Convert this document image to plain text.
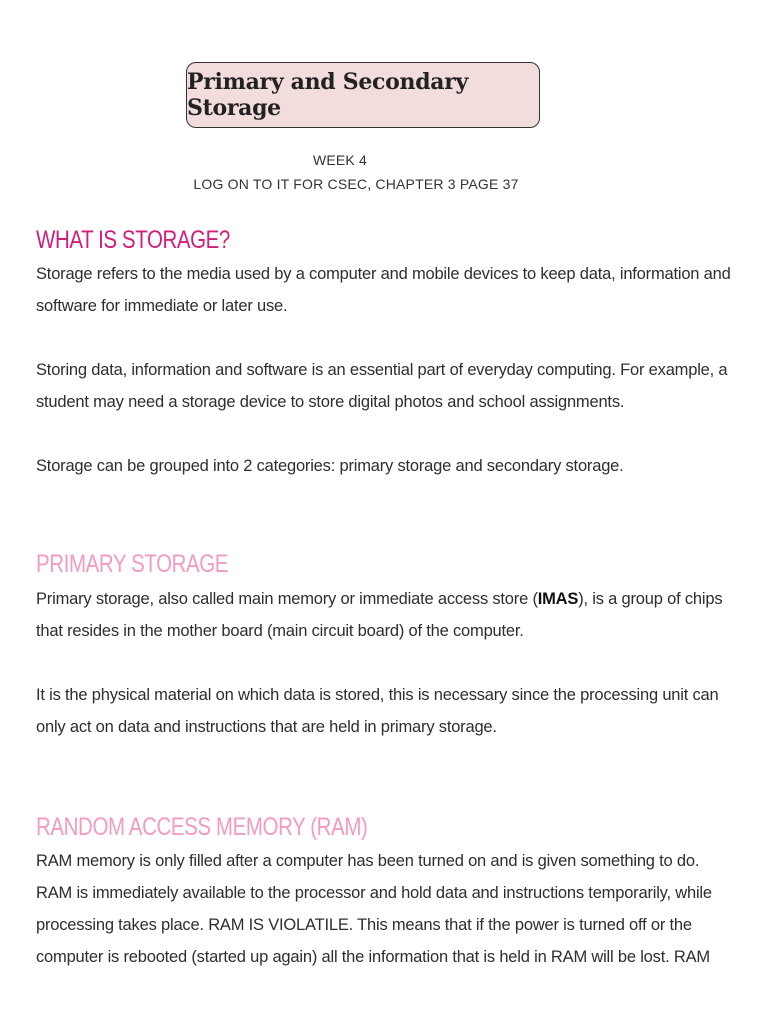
Primary and Secondary Storage
WEEK 4
LOG ON TO IT FOR CSEC, CHAPTER 3 PAGE 37
WHAT IS STORAGE?

Storage refers to the media used by a computer and mobile devices to keep data, information and software for immediate or later use.

Storing data, information and software is an essential part of everyday computing. For example, a student may need a storage device to store digital photos and school assignments.

Storage can be grouped into 2 categories: primary storage and secondary storage.

PRIMARY STORAGE

Primary storage, also called main memory or immediate access store (IMAS), is a group of chips that resides in the mother board (main circuit board) of the computer.

It is the physical material on which data is stored, this is necessary since the processing unit can only act on data and instructions that are held in primary storage.

RANDOM ACCESS MEMORY (RAM)

RAM memory is only filled after a computer has been turned on and is given something to do. RAM is immediately available to the processor and hold data and instructions temporarily, while processing takes place. RAM IS VIOLATILE. This means that if the power is turned off or the computer is rebooted (started up again) all the information that is held in RAM will be lost. RAM
